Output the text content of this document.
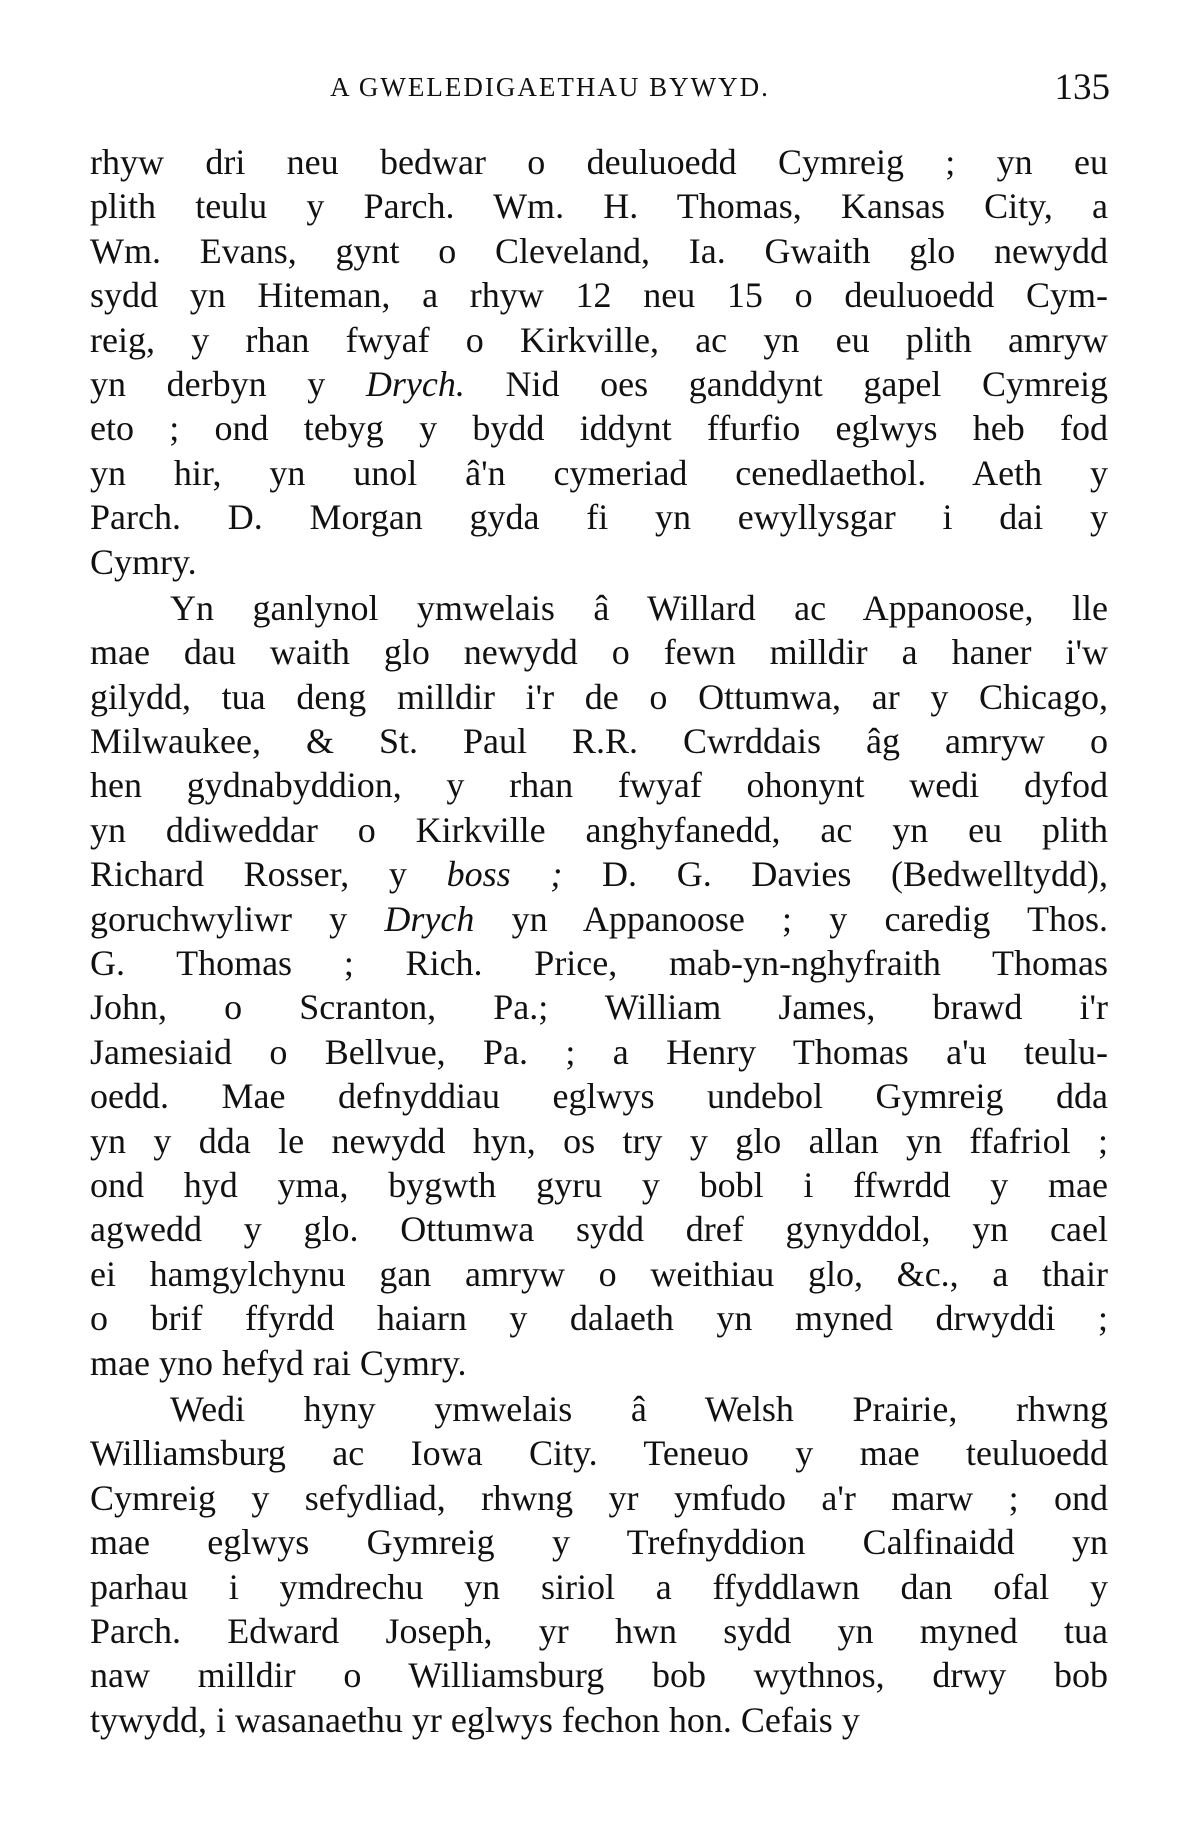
A GWELEDIGAETHAU BYWYD.	135
rhyw dri neu bedwar o deuluoedd Cymreig ; yn eu
plith teulu y Parch. Wm. H. Thomas, Kansas City, a
Wm. Evans, gynt o Cleveland, Ia. Gwaith glo newydd
sydd yn Hiteman, a rhyw 12 neu 15 o deuluoedd Cym-
reig, y rhan fwyaf o Kirkville, ac yn eu plith amryw
yn derbyn y Drych. Nid oes ganddynt gapel Cymreig
eto ; ond tebyg y bydd iddynt ffurfio eglwys heb fod
yn hir, yn unol â'n cymeriad cenedlaethol. Aeth y
Parch. D. Morgan gyda fi yn ewyllysgar i dai y
Cymry.
Yn ganlynol ymwelais â Willard ac Appanoose, lle
mae dau waith glo newydd o fewn milldir a haner i'w
gilydd, tua deng milldir i'r de o Ottumwa, ar y Chicago,
Milwaukee, & St. Paul R.R. Cwrddais âg amryw o
hen gydnabyddion, y rhan fwyaf ohonynt wedi dyfod
yn ddiweddar o Kirkville anghyfanedd, ac yn eu plith
Richard Rosser, y boss ; D. G. Davies (Bedwelltydd),
goruchwyliwr y Drych yn Appanoose ; y caredig Thos.
G. Thomas ; Rich. Price, mab-yn-nghyfraith Thomas
John, o Scranton, Pa.; William James, brawd i'r
Jamesiaid o Bellvue, Pa. ; a Henry Thomas a'u teulu-
oedd. Mae defnyddiau eglwys undebol Gymreig dda
yn y dda le newydd hyn, os try y glo allan yn ffafriol ;
ond hyd yma, bygwth gyru y bobl i ffwrdd y mae
agwedd y glo. Ottumwa sydd dref gynyddol, yn cael
ei hamgylchynu gan amryw o weithiau glo, &c., a thair
o brif ffyrdd haiarn y dalaeth yn myned drwyddi ;
mae yno hefyd rai Cymry.
Wedi hyny ymwelais â Welsh Prairie, rhwng
Williamsburg ac Iowa City. Teneuo y mae teuluoedd
Cymreig y sefydliad, rhwng yr ymfudo a'r marw ; ond
mae eglwys Gymreig y Trefnyddion Calfinaidd yn
parhau i ymdrechu yn siriol a ffyddlawn dan ofal y
Parch. Edward Joseph, yr hwn sydd yn myned tua
naw milldir o Williamsburg bob wythnos, drwy bob
tywydd, i wasanaethu yr eglwys fechon hon. Cefais y
